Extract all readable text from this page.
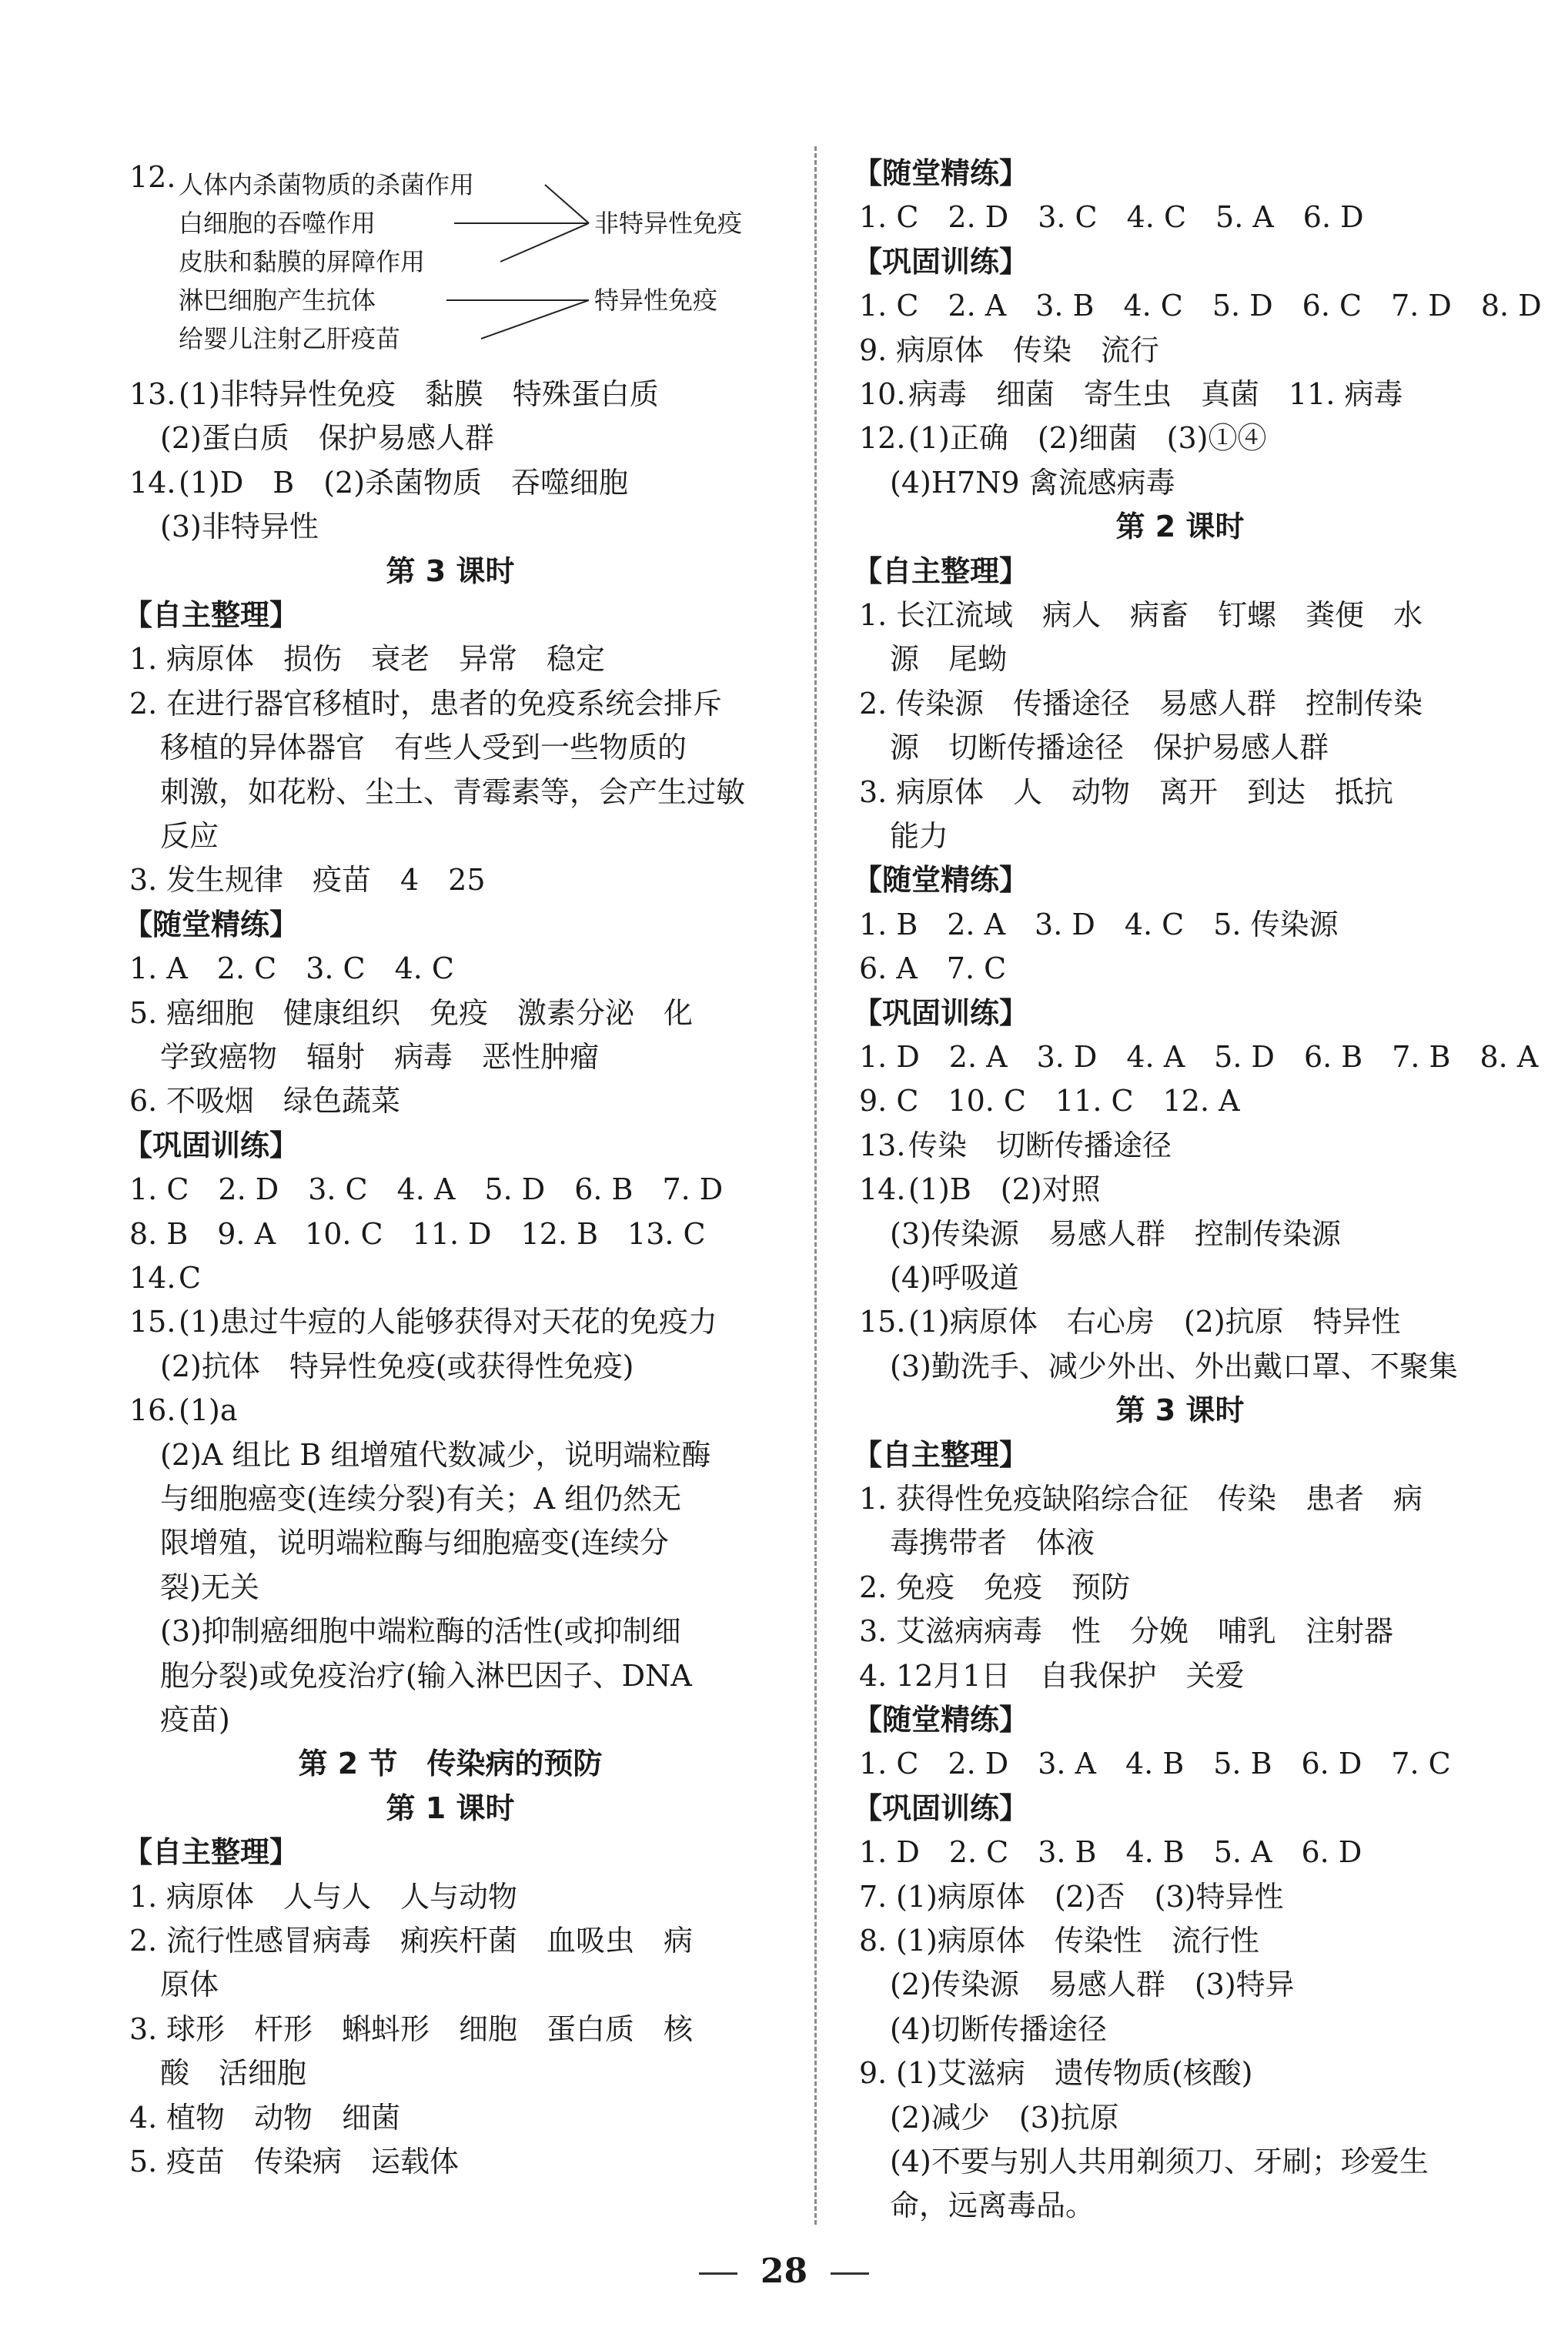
12. 人体内杀菌物质的杀菌作用
白细胞的吞噬作用
皮肤和黏膜的屏障作用
淋巴细胞产生抗体
给婴儿注射乙肝疫苗
非特异性免疫
特异性免疫
13. (1)非特异性免疫　黏膜　特殊蛋白质
(2)蛋白质　保护易感人群
14. (1)D　B　(2)杀菌物质　吞噬细胞
(3)非特异性
第 3 课时
【自主整理】
1. 病原体　损伤　衰老　异常　稳定
2. 在进行器官移植时，患者的免疫系统会排斥
移植的异体器官　有些人受到一些物质的
刺激，如花粉、尘土、青霉素等，会产生过敏
反应
3. 发生规律　疫苗　4　25
【随堂精练】
1. A　2. C　3. C　4. C
5. 癌细胞　健康组织　免疫　激素分泌　化
学致癌物　辐射　病毒　恶性肿瘤
6. 不吸烟　绿色蔬菜
【巩固训练】
1. C　2. D　3. C　4. A　5. D　6. B　7. D
8. B　9. A　10. C　11. D　12. B　13. C
14. C
15. (1)患过牛痘的人能够获得对天花的免疫力
(2)抗体　特异性免疫(或获得性免疫)
16. (1)a
(2)A 组比 B 组增殖代数减少，说明端粒酶
与细胞癌变(连续分裂)有关；A 组仍然无
限增殖，说明端粒酶与细胞癌变(连续分
裂)无关
(3)抑制癌细胞中端粒酶的活性(或抑制细
胞分裂)或免疫治疗(输入淋巴因子、DNA
疫苗)
第 2 节　传染病的预防
第 1 课时
【自主整理】
1. 病原体　人与人　人与动物
2. 流行性感冒病毒　痢疾杆菌　血吸虫　病
原体
3. 球形　杆形　蝌蚪形　细胞　蛋白质　核
酸　活细胞
4. 植物　动物　细菌
5. 疫苗　传染病　运载体
【随堂精练】
1. C　2. D　3. C　4. C　5. A　6. D
【巩固训练】
1. C　2. A　3. B　4. C　5. D　6. C　7. D　8. D
9. 病原体　传染　流行
10. 病毒　细菌　寄生虫　真菌　11. 病毒
12. (1)正确　(2)细菌　(3)①④
(4)H7N9 禽流感病毒
第 2 课时
【自主整理】
1. 长江流域　病人　病畜　钉螺　粪便　水
源　尾蚴
2. 传染源　传播途径　易感人群　控制传染
源　切断传播途径　保护易感人群
3. 病原体　人　动物　离开　到达　抵抗
能力
【随堂精练】
1. B　2. A　3. D　4. C　5. 传染源
6. A　7. C
【巩固训练】
1. D　2. A　3. D　4. A　5. D　6. B　7. B　8. A
9. C　10. C　11. C　12. A
13. 传染　切断传播途径
14. (1)B　(2)对照
(3)传染源　易感人群　控制传染源
(4)呼吸道
15. (1)病原体　右心房　(2)抗原　特异性
(3)勤洗手、减少外出、外出戴口罩、不聚集
第 3 课时
【自主整理】
1. 获得性免疫缺陷综合征　传染　患者　病
毒携带者　体液
2. 免疫　免疫　预防
3. 艾滋病病毒　性　分娩　哺乳　注射器
4. 12月1日　自我保护　关爱
【随堂精练】
1. C　2. D　3. A　4. B　5. B　6. D　7. C
【巩固训练】
1. D　2. C　3. B　4. B　5. A　6. D
7. (1)病原体　(2)否　(3)特异性
8. (1)病原体　传染性　流行性
(2)传染源　易感人群　(3)特异
(4)切断传播途径
9. (1)艾滋病　遗传物质(核酸)
(2)减少　(3)抗原
(4)不要与别人共用剃须刀、牙刷；珍爱生
命，远离毒品。
28
